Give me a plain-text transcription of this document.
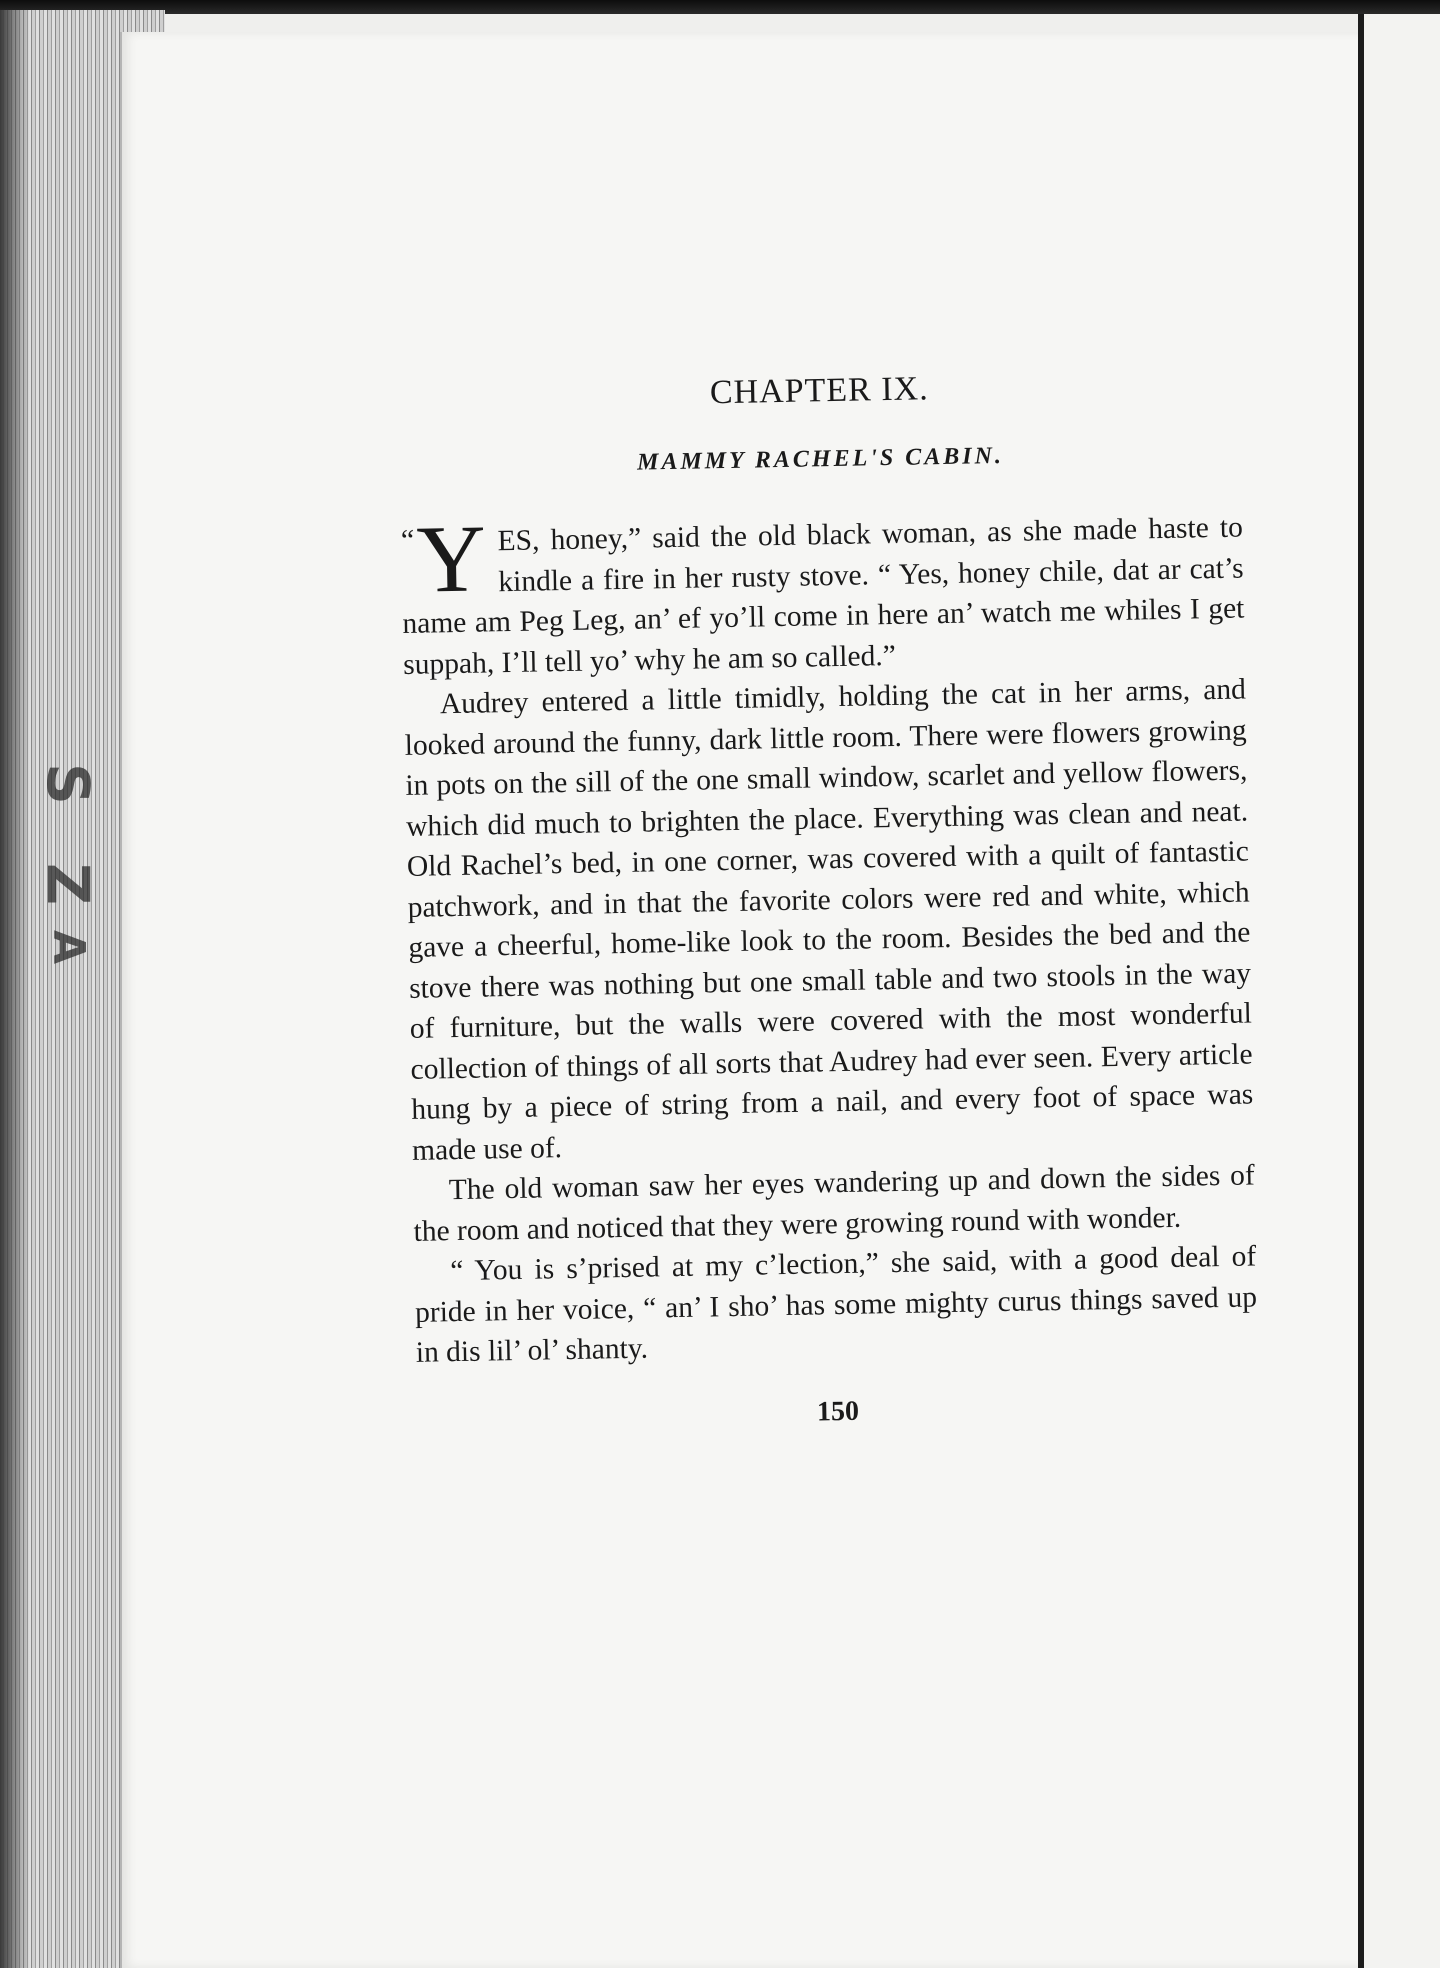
S
Z
A
CHAPTER IX.
MAMMY RACHEL'S CABIN.

“ Y ES, honey,” said the old black woman, as she made haste to kindle a fire in her rusty stove. “ Yes, honey chile, dat ar cat’s name am Peg Leg, an’ ef yo’ll come in here an’ watch me whiles I get suppah, I’ll tell yo’ why he am so called.”

Audrey entered a little timidly, holding the cat in her arms, and looked around the funny, dark little room. There were flowers growing in pots on the sill of the one small window, scarlet and yellow flowers, which did much to brighten the place. Everything was clean and neat. Old Rachel’s bed, in one corner, was covered with a quilt of fantastic patchwork, and in that the favorite colors were red and white, which gave a cheerful, home-like look to the room. Besides the bed and the stove there was nothing but one small table and two stools in the way of furniture, but the walls were covered with the most wonderful collection of things of all sorts that Audrey had ever seen. Every article hung by a piece of string from a nail, and every foot of space was made use of.

The old woman saw her eyes wandering up and down the sides of the room and noticed that they were growing round with wonder.

“ You is s’prised at my c’lection,” she said, with a good deal of pride in her voice, “ an’ I sho’ has some mighty curus things saved up in dis lil’ ol’ shanty.

150
